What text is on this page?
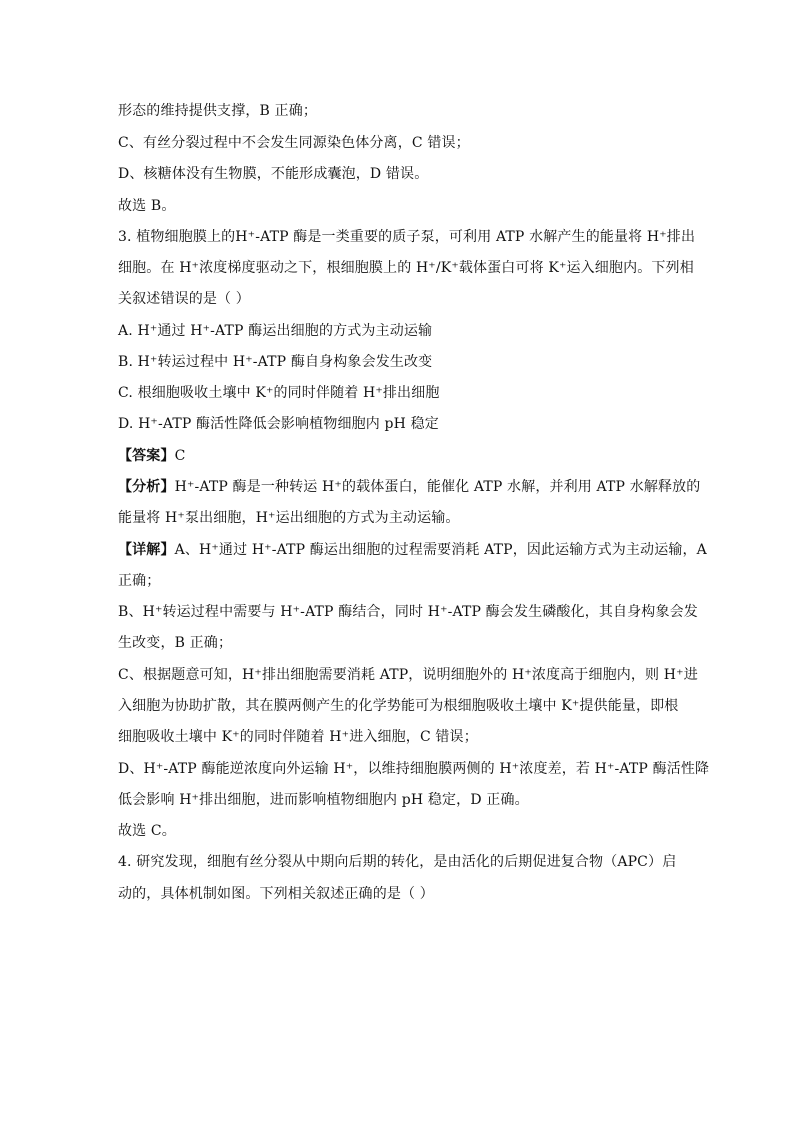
形态的维持提供支撑，B 正确；
C、有丝分裂过程中不会发生同源染色体分离，C 错误；
D、核糖体没有生物膜，不能形成囊泡，D 错误。
故选 B。
3. 植物细胞膜上的H⁺-ATP 酶是一类重要的质子泵，可利用 ATP 水解产生的能量将 H⁺排出
细胞。在 H⁺浓度梯度驱动之下，根细胞膜上的 H⁺/K⁺载体蛋白可将 K⁺运入细胞内。下列相
关叙述错误的是（ ）
A. H⁺通过 H⁺-ATP 酶运出细胞的方式为主动运输
B. H⁺转运过程中 H⁺-ATP 酶自身构象会发生改变
C. 根细胞吸收土壤中 K⁺的同时伴随着 H⁺排出细胞
D. H⁺-ATP 酶活性降低会影响植物细胞内 pH 稳定
【答案】C
【分析】H⁺-ATP 酶是一种转运 H⁺的载体蛋白，能催化 ATP 水解，并利用 ATP 水解释放的
能量将 H⁺泵出细胞，H⁺运出细胞的方式为主动运输。
【详解】A、H⁺通过 H⁺-ATP 酶运出细胞的过程需要消耗 ATP，因此运输方式为主动运输，A
正确；
B、H⁺转运过程中需要与 H⁺-ATP 酶结合，同时 H⁺-ATP 酶会发生磷酸化，其自身构象会发
生改变，B 正确；
C、根据题意可知，H⁺排出细胞需要消耗 ATP，说明细胞外的 H⁺浓度高于细胞内，则 H⁺进
入细胞为协助扩散，其在膜两侧产生的化学势能可为根细胞吸收土壤中 K⁺提供能量，即根
细胞吸收土壤中 K⁺的同时伴随着 H⁺进入细胞，C 错误；
D、H⁺-ATP 酶能逆浓度向外运输 H⁺，以维持细胞膜两侧的 H⁺浓度差，若 H⁺-ATP 酶活性降
低会影响 H⁺排出细胞，进而影响植物细胞内 pH 稳定，D 正确。
故选 C。
4. 研究发现，细胞有丝分裂从中期向后期的转化，是由活化的后期促进复合物（APC）启
动的，具体机制如图。下列相关叙述正确的是（ ）
